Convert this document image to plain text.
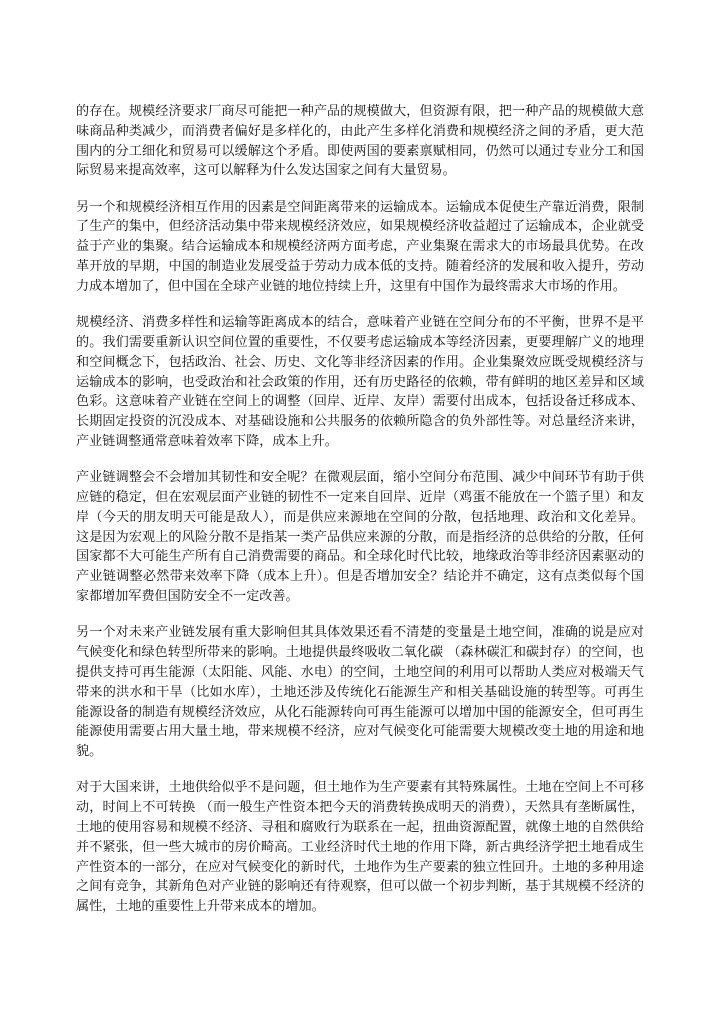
的存在。规模经济要求厂商尽可能把一种产品的规模做大，但资源有限，把一种产品的规模做大意味商品种类减少，而消费者偏好是多样化的，由此产生多样化消费和规模经济之间的矛盾，更大范围内的分工细化和贸易可以缓解这个矛盾。即使两国的要素禀赋相同，仍然可以通过专业分工和国际贸易来提高效率，这可以解释为什么发达国家之间有大量贸易。

另一个和规模经济相互作用的因素是空间距离带来的运输成本。运输成本促使生产靠近消费，限制了生产的集中，但经济活动集中带来规模经济效应，如果规模经济收益超过了运输成本，企业就受益于产业的集聚。结合运输成本和规模经济两方面考虑，产业集聚在需求大的市场最具优势。在改革开放的早期，中国的制造业发展受益于劳动力成本低的支持。随着经济的发展和收入提升，劳动力成本增加了，但中国在全球产业链的地位持续上升，这里有中国作为最终需求大市场的作用。

规模经济、消费多样性和运输等距离成本的结合，意味着产业链在空间分布的不平衡，世界不是平的。我们需要重新认识空间位置的重要性，不仅要考虑运输成本等经济因素，更要理解广义的地理和空间概念下，包括政治、社会、历史、文化等非经济因素的作用。企业集聚效应既受规模经济与运输成本的影响，也受政治和社会政策的作用，还有历史路径的依赖，带有鲜明的地区差异和区域色彩。这意味着产业链在空间上的调整（回岸、近岸、友岸）需要付出成本，包括设备迁移成本、长期固定投资的沉没成本、对基础设施和公共服务的依赖所隐含的负外部性等。对总量经济来讲，产业链调整通常意味着效率下降，成本上升。

产业链调整会不会增加其韧性和安全呢？在微观层面，缩小空间分布范围、减少中间环节有助于供应链的稳定，但在宏观层面产业链的韧性不一定来自回岸、近岸（鸡蛋不能放在一个篮子里）和友岸（今天的朋友明天可能是敌人），而是供应来源地在空间的分散，包括地理、政治和文化差异。这是因为宏观上的风险分散不是指某一类产品供应来源的分散，而是指经济的总供给的分散，任何国家都不大可能生产所有自己消费需要的商品。和全球化时代比较，地缘政治等非经济因素驱动的产业链调整必然带来效率下降（成本上升）。但是否增加安全？结论并不确定，这有点类似每个国家都增加军费但国防安全不一定改善。

另一个对未来产业链发展有重大影响但其具体效果还看不清楚的变量是土地空间，准确的说是应对气候变化和绿色转型所带来的影响。土地提供最终吸收二氧化碳 （森林碳汇和碳封存）的空间，也提供支持可再生能源（太阳能、风能、水电）的空间，土地空间的利用可以帮助人类应对极端天气带来的洪水和干旱（比如水库），土地还涉及传统化石能源生产和相关基础设施的转型等。可再生能源设备的制造有规模经济效应，从化石能源转向可再生能源可以增加中国的能源安全，但可再生能源使用需要占用大量土地，带来规模不经济，应对气候变化可能需要大规模改变土地的用途和地貌。

对于大国来讲，土地供给似乎不是问题，但土地作为生产要素有其特殊属性。土地在空间上不可移动，时间上不可转换 （而一般生产性资本把今天的消费转换成明天的消费），天然具有垄断属性，土地的使用容易和规模不经济、寻租和腐败行为联系在一起，扭曲资源配置，就像土地的自然供给并不紧张，但一些大城市的房价畸高。工业经济时代土地的作用下降，新古典经济学把土地看成生产性资本的一部分，在应对气候变化的新时代，土地作为生产要素的独立性回升。土地的多种用途之间有竞争，其新角色对产业链的影响还有待观察，但可以做一个初步判断，基于其规模不经济的属性，土地的重要性上升带来成本的增加。
